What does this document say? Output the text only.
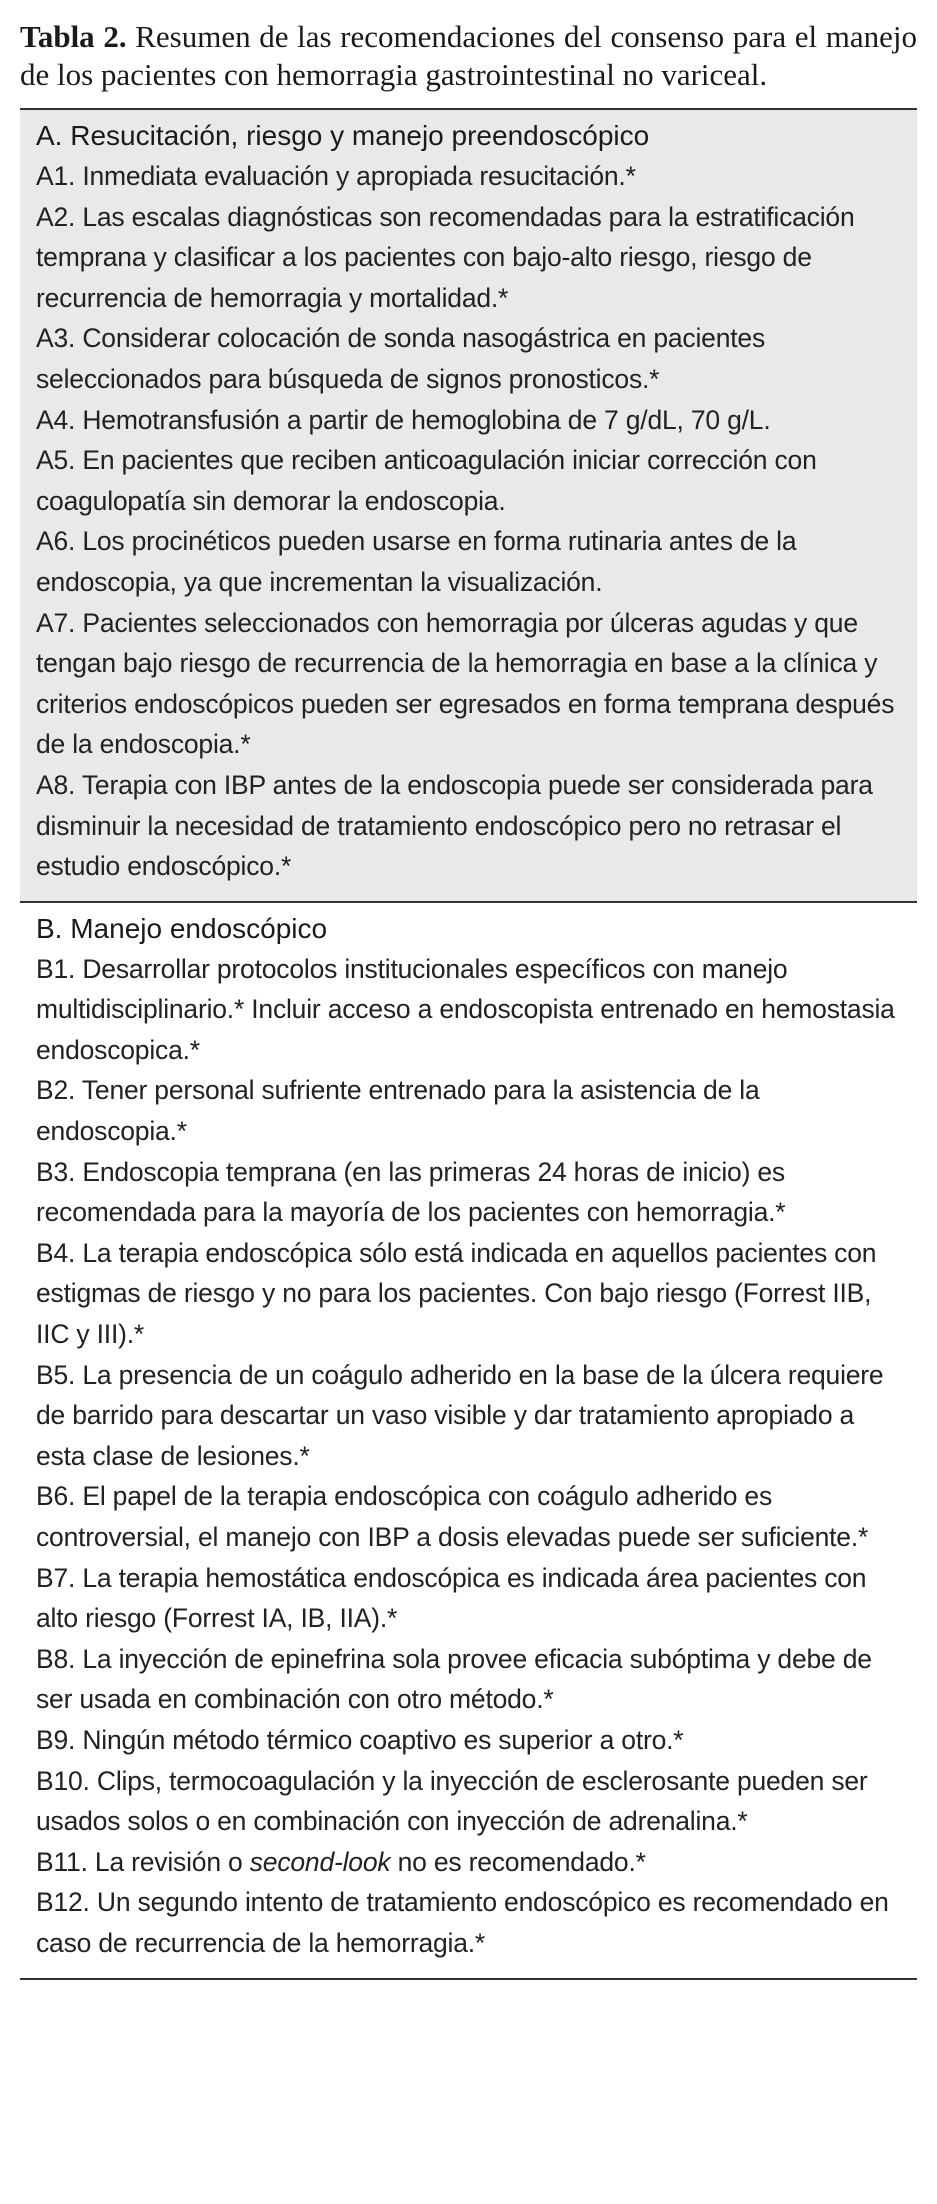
Tabla 2. Resumen de las recomendaciones del consenso para el manejo de los pacientes con hemorragia gastrointestinal no variceal.

A. Resucitación, riesgo y manejo preendoscópico

A1. Inmediata evaluación y apropiada resucitación.*

A2. Las escalas diagnósticas son recomendadas para la estratificación temprana y clasificar a los pacientes con bajo-alto riesgo, riesgo de recurrencia de hemorragia y mortalidad.*

A3. Considerar colocación de sonda nasogástrica en pacientes seleccionados para búsqueda de signos pronosticos.*

A4. Hemotransfusión a partir de hemoglobina de 7 g/dL, 70 g/L.

A5. En pacientes que reciben anticoagulación iniciar corrección con coagulopatía sin demorar la endoscopia.

A6. Los procinéticos pueden usarse en forma rutinaria antes de la endoscopia, ya que incrementan la visualización.

A7. Pacientes seleccionados con hemorragia por úlceras agudas y que tengan bajo riesgo de recurrencia de la hemorragia en base a la clínica y criterios endoscópicos pueden ser egresados en forma temprana después de la endoscopia.*

A8. Terapia con IBP antes de la endoscopia puede ser considerada para disminuir la necesidad de tratamiento endoscópico pero no retrasar el estudio endoscópico.*

B. Manejo endoscópico

B1. Desarrollar protocolos institucionales específicos con manejo multidisciplinario.* Incluir acceso a endoscopista entrenado en hemostasia endoscopica.*

B2. Tener personal sufriente entrenado para la asistencia de la endoscopia.*

B3. Endoscopia temprana (en las primeras 24 horas de inicio) es recomendada para la mayoría de los pacientes con hemorragia.*

B4. La terapia endoscópica sólo está indicada en aquellos pacientes con estigmas de riesgo y no para los pacientes. Con bajo riesgo (Forrest IIB, IIC y III).*

B5. La presencia de un coágulo adherido en la base de la úlcera requiere de barrido para descartar un vaso visible y dar tratamiento apropiado a esta clase de lesiones.*

B6. El papel de la terapia endoscópica con coágulo adherido es controversial, el manejo con IBP a dosis elevadas puede ser suficiente.*

B7. La terapia hemostática endoscópica es indicada área pacientes con alto riesgo (Forrest IA, IB, IIA).*

B8. La inyección de epinefrina sola provee eficacia subóptima y debe de ser usada en combinación con otro método.*

B9. Ningún método térmico coaptivo es superior a otro.*

B10. Clips, termocoagulación y la inyección de esclerosante pueden ser usados solos o en combinación con inyección de adrenalina.*

B11. La revisión o second-look no es recomendado.*

B12. Un segundo intento de tratamiento endoscópico es recomendado en caso de recurrencia de la hemorragia.*
